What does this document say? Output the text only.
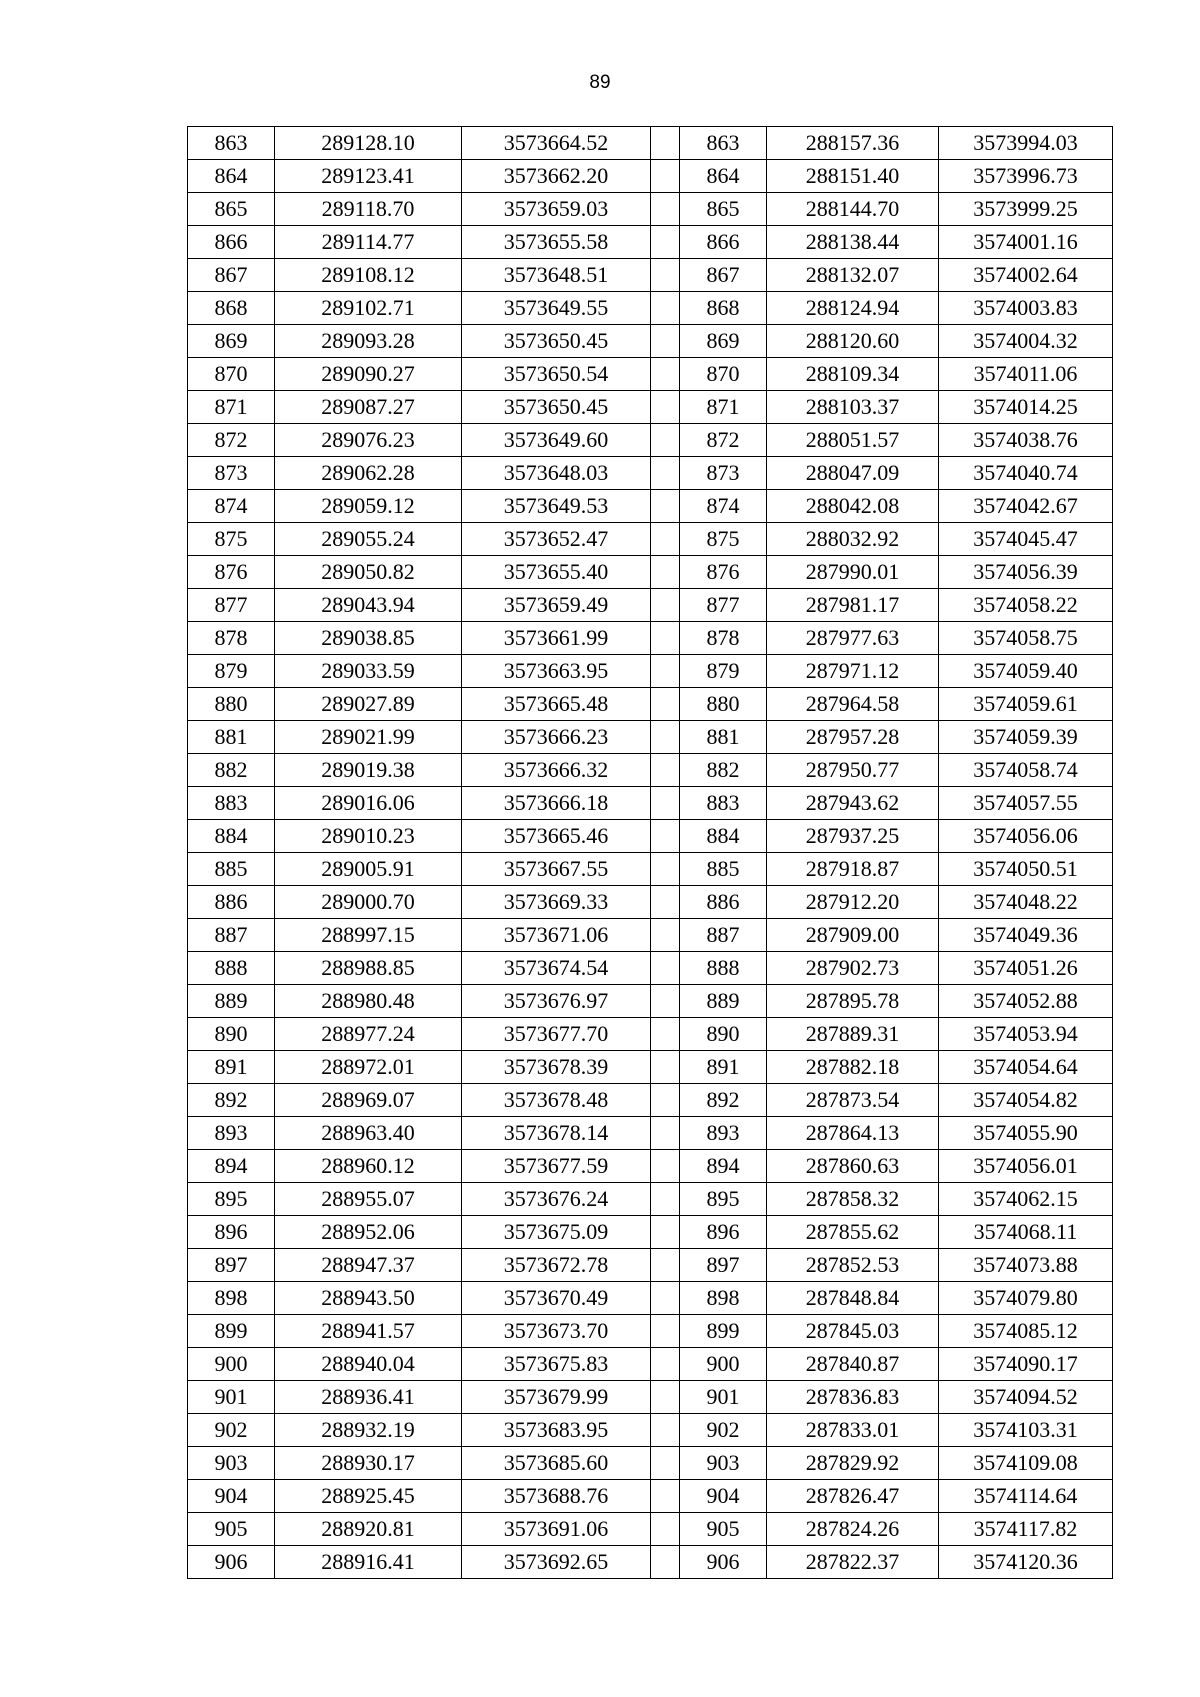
89
863	289128.10	3573664.52		863	288157.36	3573994.03
864	289123.41	3573662.20		864	288151.40	3573996.73
865	289118.70	3573659.03		865	288144.70	3573999.25
866	289114.77	3573655.58		866	288138.44	3574001.16
867	289108.12	3573648.51		867	288132.07	3574002.64
868	289102.71	3573649.55		868	288124.94	3574003.83
869	289093.28	3573650.45		869	288120.60	3574004.32
870	289090.27	3573650.54		870	288109.34	3574011.06
871	289087.27	3573650.45		871	288103.37	3574014.25
872	289076.23	3573649.60		872	288051.57	3574038.76
873	289062.28	3573648.03		873	288047.09	3574040.74
874	289059.12	3573649.53		874	288042.08	3574042.67
875	289055.24	3573652.47		875	288032.92	3574045.47
876	289050.82	3573655.40		876	287990.01	3574056.39
877	289043.94	3573659.49		877	287981.17	3574058.22
878	289038.85	3573661.99		878	287977.63	3574058.75
879	289033.59	3573663.95		879	287971.12	3574059.40
880	289027.89	3573665.48		880	287964.58	3574059.61
881	289021.99	3573666.23		881	287957.28	3574059.39
882	289019.38	3573666.32		882	287950.77	3574058.74
883	289016.06	3573666.18		883	287943.62	3574057.55
884	289010.23	3573665.46		884	287937.25	3574056.06
885	289005.91	3573667.55		885	287918.87	3574050.51
886	289000.70	3573669.33		886	287912.20	3574048.22
887	288997.15	3573671.06		887	287909.00	3574049.36
888	288988.85	3573674.54		888	287902.73	3574051.26
889	288980.48	3573676.97		889	287895.78	3574052.88
890	288977.24	3573677.70		890	287889.31	3574053.94
891	288972.01	3573678.39		891	287882.18	3574054.64
892	288969.07	3573678.48		892	287873.54	3574054.82
893	288963.40	3573678.14		893	287864.13	3574055.90
894	288960.12	3573677.59		894	287860.63	3574056.01
895	288955.07	3573676.24		895	287858.32	3574062.15
896	288952.06	3573675.09		896	287855.62	3574068.11
897	288947.37	3573672.78		897	287852.53	3574073.88
898	288943.50	3573670.49		898	287848.84	3574079.80
899	288941.57	3573673.70		899	287845.03	3574085.12
900	288940.04	3573675.83		900	287840.87	3574090.17
901	288936.41	3573679.99		901	287836.83	3574094.52
902	288932.19	3573683.95		902	287833.01	3574103.31
903	288930.17	3573685.60		903	287829.92	3574109.08
904	288925.45	3573688.76		904	287826.47	3574114.64
905	288920.81	3573691.06		905	287824.26	3574117.82
906	288916.41	3573692.65		906	287822.37	3574120.36
